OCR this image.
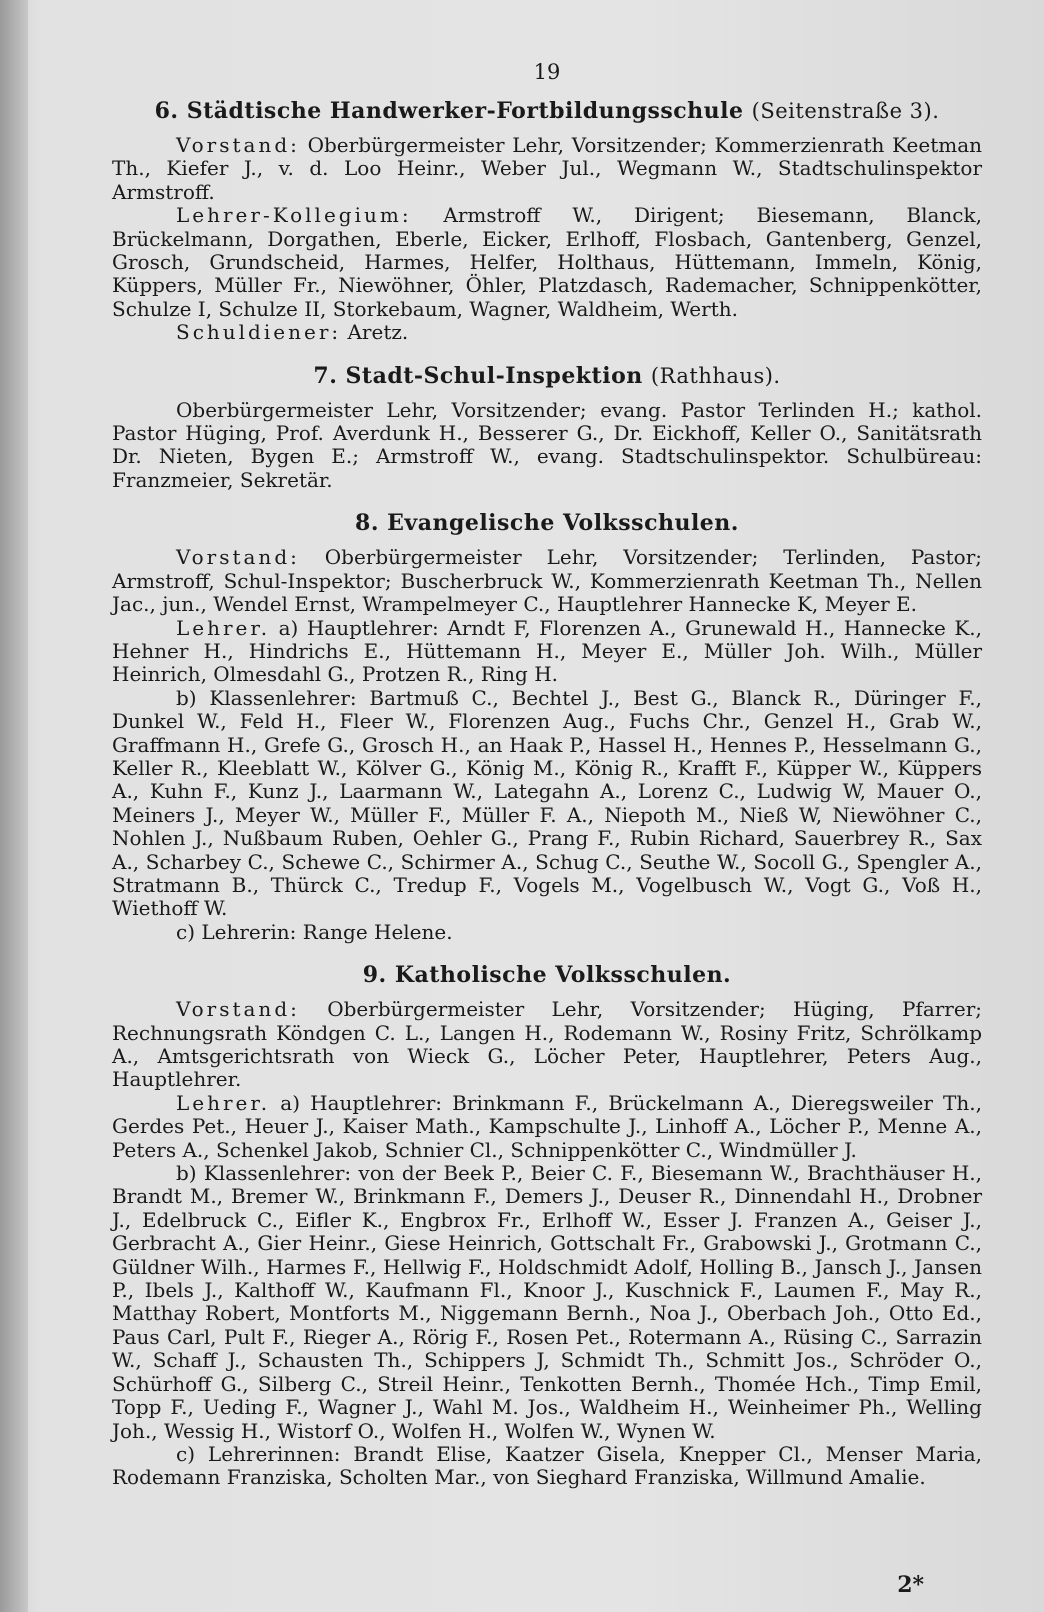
19
6. Städtische Handwerker-Fortbildungsschule (Seitenstraße 3).

Vorstand: Oberbürgermeister Lehr, Vorsitzender; Kommerzienrath Keetman Th., Kiefer J., v. d. Loo Heinr., Weber Jul., Wegmann W., Stadtschulinspektor Armstroff.

Lehrer-Kollegium: Armstroff W., Dirigent; Biesemann, Blanck, Brückelmann, Dorgathen, Eberle, Eicker, Erlhoff, Flosbach, Gantenberg, Genzel, Grosch, Grundscheid, Harmes, Helfer, Holthaus, Hüttemann, Immeln, König, Küppers, Müller Fr., Niewöhner, Öhler, Platzdasch, Rademacher, Schnippenkötter, Schulze I, Schulze II, Storkebaum, Wagner, Waldheim, Werth.

Schuldiener: Aretz.

7. Stadt-Schul-Inspektion (Rathhaus).

Oberbürgermeister Lehr, Vorsitzender; evang. Pastor Terlinden H.; kathol. Pastor Hüging, Prof. Averdunk H., Besserer G., Dr. Eickhoff, Keller O., Sanitätsrath Dr. Nieten, Bygen E.; Armstroff W., evang. Stadtschulinspektor. Schulbüreau: Franzmeier, Sekretär.

8. Evangelische Volksschulen.

Vorstand: Oberbürgermeister Lehr, Vorsitzender; Terlinden, Pastor; Armstroff, Schul-Inspektor; Buscherbruck W., Kommerzienrath Keetman Th., Nellen Jac., jun., Wendel Ernst, Wrampelmeyer C., Hauptlehrer Hannecke K, Meyer E.

Lehrer. a) Hauptlehrer: Arndt F, Florenzen A., Grunewald H., Hannecke K., Hehner H., Hindrichs E., Hüttemann H., Meyer E., Müller Joh. Wilh., Müller Heinrich, Olmesdahl G., Protzen R., Ring H.

b) Klassenlehrer: Bartmuß C., Bechtel J., Best G., Blanck R., Düringer F., Dunkel W., Feld H., Fleer W., Florenzen Aug., Fuchs Chr., Genzel H., Grab W., Graffmann H., Grefe G., Grosch H., an Haak P., Hassel H., Hennes P., Hesselmann G., Keller R., Kleeblatt W., Kölver G., König M., König R., Krafft F., Küpper W., Küppers A., Kuhn F., Kunz J., Laarmann W., Lategahn A., Lorenz C., Ludwig W, Mauer O., Meiners J., Meyer W., Müller F., Müller F. A., Niepoth M., Nieß W, Niewöhner C., Nohlen J., Nußbaum Ruben, Oehler G., Prang F., Rubin Richard, Sauerbrey R., Sax A., Scharbey C., Schewe C., Schirmer A., Schug C., Seuthe W., Socoll G., Spengler A., Stratmann B., Thürck C., Tredup F., Vogels M., Vogelbusch W., Vogt G., Voß H., Wiethoff W.

c) Lehrerin: Range Helene.

9. Katholische Volksschulen.

Vorstand: Oberbürgermeister Lehr, Vorsitzender; Hüging, Pfarrer; Rechnungsrath Köndgen C. L., Langen H., Rodemann W., Rosiny Fritz, Schrölkamp A., Amtsgerichtsrath von Wieck G., Löcher Peter, Hauptlehrer, Peters Aug., Hauptlehrer.

Lehrer. a) Hauptlehrer: Brinkmann F., Brückelmann A., Dieregsweiler Th., Gerdes Pet., Heuer J., Kaiser Math., Kampschulte J., Linhoff A., Löcher P., Menne A., Peters A., Schenkel Jakob, Schnier Cl., Schnippenkötter C., Windmüller J.

b) Klassenlehrer: von der Beek P., Beier C. F., Biesemann W., Brachthäuser H., Brandt M., Bremer W., Brinkmann F., Demers J., Deuser R., Dinnendahl H., Drobner J., Edelbruck C., Eifler K., Engbrox Fr., Erlhoff W., Esser J. Franzen A., Geiser J., Gerbracht A., Gier Heinr., Giese Heinrich, Gottschalt Fr., Grabowski J., Grotmann C., Güldner Wilh., Harmes F., Hellwig F., Holdschmidt Adolf, Holling B., Jansch J., Jansen P., Ibels J., Kalthoff W., Kaufmann Fl., Knoor J., Kuschnick F., Laumen F., May R., Matthay Robert, Montforts M., Niggemann Bernh., Noa J., Oberbach Joh., Otto Ed., Paus Carl, Pult F., Rieger A., Rörig F., Rosen Pet., Rotermann A., Rüsing C., Sarrazin W., Schaff J., Schausten Th., Schippers J, Schmidt Th., Schmitt Jos., Schröder O., Schürhoff G., Silberg C., Streil Heinr., Tenkotten Bernh., Thomée Hch., Timp Emil, Topp F., Ueding F., Wagner J., Wahl M. Jos., Waldheim H., Weinheimer Ph., Welling Joh., Wessig H., Wistorf O., Wolfen H., Wolfen W., Wynen W.

c) Lehrerinnen: Brandt Elise, Kaatzer Gisela, Knepper Cl., Menser Maria, Rodemann Franziska, Scholten Mar., von Sieghard Franziska, Willmund Amalie.

2*
